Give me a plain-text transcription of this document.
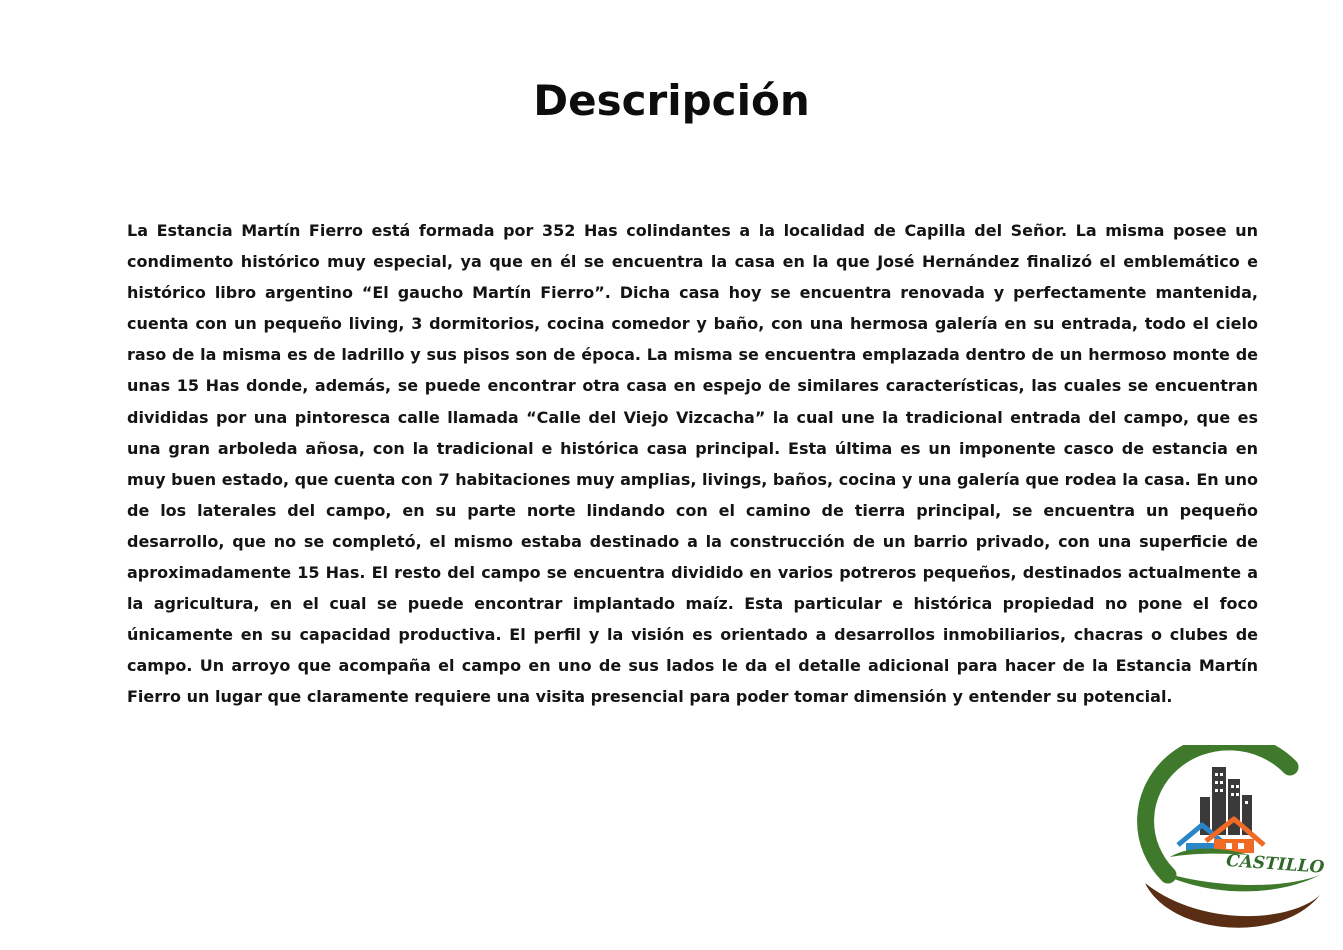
Descripción

La Estancia Martín Fierro está formada por 352 Has colindantes a la localidad de Capilla del Señor. La misma posee un condimento histórico muy especial, ya que en él se encuentra la casa en la que José Hernández finalizó el emblemático e histórico libro argentino “El gaucho Martín Fierro”. Dicha casa hoy se encuentra renovada y perfectamente mantenida, cuenta con un pequeño living, 3 dormitorios, cocina comedor y baño, con una hermosa galería en su entrada, todo el cielo raso de la misma es de ladrillo y sus pisos son de época. La misma se encuentra emplazada dentro de un hermoso monte de unas 15 Has donde, además, se puede encontrar otra casa en espejo de similares características, las cuales se encuentran divididas por una pintoresca calle llamada “Calle del Viejo Vizcacha” la cual une la tradicional entrada del campo, que es una gran arboleda añosa, con la tradicional e histórica casa principal. Esta última es un imponente casco de estancia en muy buen estado, que cuenta con 7 habitaciones muy amplias, livings, baños, cocina y una galería que rodea la casa. En uno de los laterales del campo, en su parte norte lindando con el camino de tierra principal, se encuentra un pequeño desarrollo, que no se completó, el mismo estaba destinado a la construcción de un barrio privado, con una superficie de aproximadamente 15 Has. El resto del campo se encuentra dividido en varios potreros pequeños, destinados actualmente a la agricultura, en el cual se puede encontrar implantado maíz. Esta particular e histórica propiedad no pone el foco únicamente en su capacidad productiva. El perfil y la visión es orientado a desarrollos inmobiliarios, chacras o clubes de campo. Un arroyo que acompaña el campo en uno de sus lados le da el detalle adicional para hacer de la Estancia Martín Fierro un lugar que claramente requiere una visita presencial para poder tomar dimensión y entender su potencial.

CASTILLO
